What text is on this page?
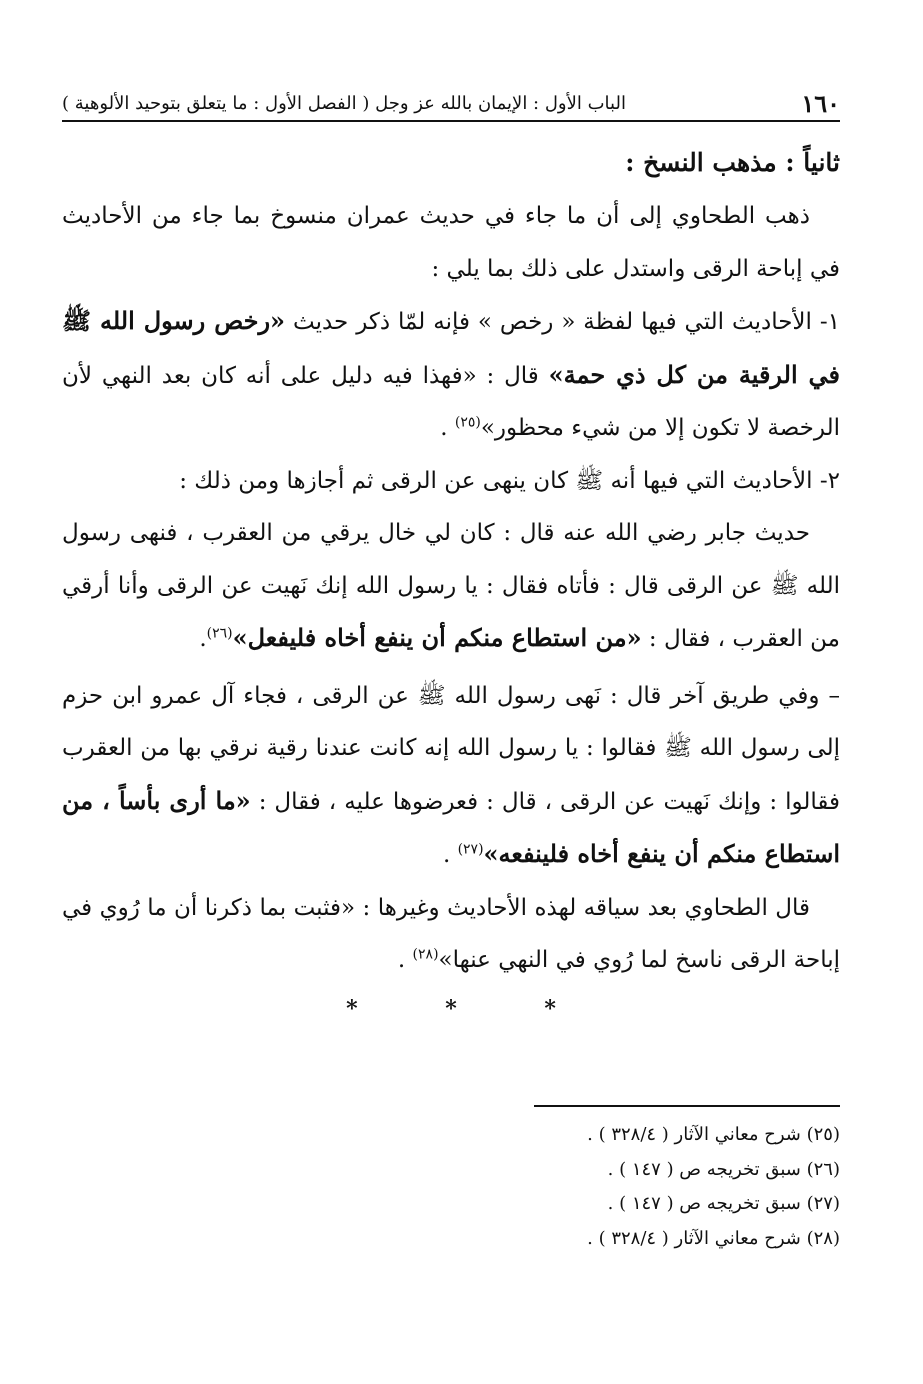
١٦٠
الباب الأول : الإيمان بالله عز وجل ( الفصل الأول : ما يتعلق بتوحيد الألوهية )
ثانياً : مذهب النسخ :

ذهب الطحاوي إلى أن ما جاء في حديث عمران منسوخ بما جاء من الأحاديث في إباحة الرقى واستدل على ذلك بما يلي :

١- الأحاديث التي فيها لفظة « رخص » فإنه لمّا ذكر حديث «رخص رسول الله ﷺ في الرقية من كل ذي حمة» قال : «فهذا فيه دليل على أنه كان بعد النهي لأن الرخصة لا تكون إلا من شيء محظور»$^{(٢٥)}$ .

٢- الأحاديث التي فيها أنه ﷺ كان ينهى عن الرقى ثم أجازها ومن ذلك :

حديث جابر رضي الله عنه قال : كان لي خال يرقي من العقرب ، فنهى رسول الله ﷺ عن الرقى قال : فأتاه فقال : يا رسول الله إنك نَهيت عن الرقى وأنا أرقي من العقرب ، فقال : «من استطاع منكم أن ينفع أخاه فليفعل»$^{(٢٦)}$.

– وفي طريق آخر قال : نَهى رسول الله ﷺ عن الرقى ، فجاء آل عمرو ابن حزم إلى رسول الله ﷺ فقالوا : يا رسول الله إنه كانت عندنا رقية نرقي بها من العقرب فقالوا : وإنك نَهيت عن الرقى ، قال : فعرضوها عليه ، فقال : «ما أرى بأساً ، من استطاع منكم أن ينفع أخاه فلينفعه»$^{(٢٧)}$ .

قال الطحاوي بعد سياقه لهذه الأحاديث وغيرها : «فثبت بما ذكرنا أن ما رُوي في إباحة الرقى ناسخ لما رُوي في النهي عنها»$^{(٢٨)}$ .

* * *
(٢٥) شرح معاني الآثار ( ٣٢٨/٤ ) .
(٢٦) سبق تخريجه ص ( ١٤٧ ) .
(٢٧) سبق تخريجه ص ( ١٤٧ ) .
(٢٨) شرح معاني الآثار ( ٣٢٨/٤ ) .
